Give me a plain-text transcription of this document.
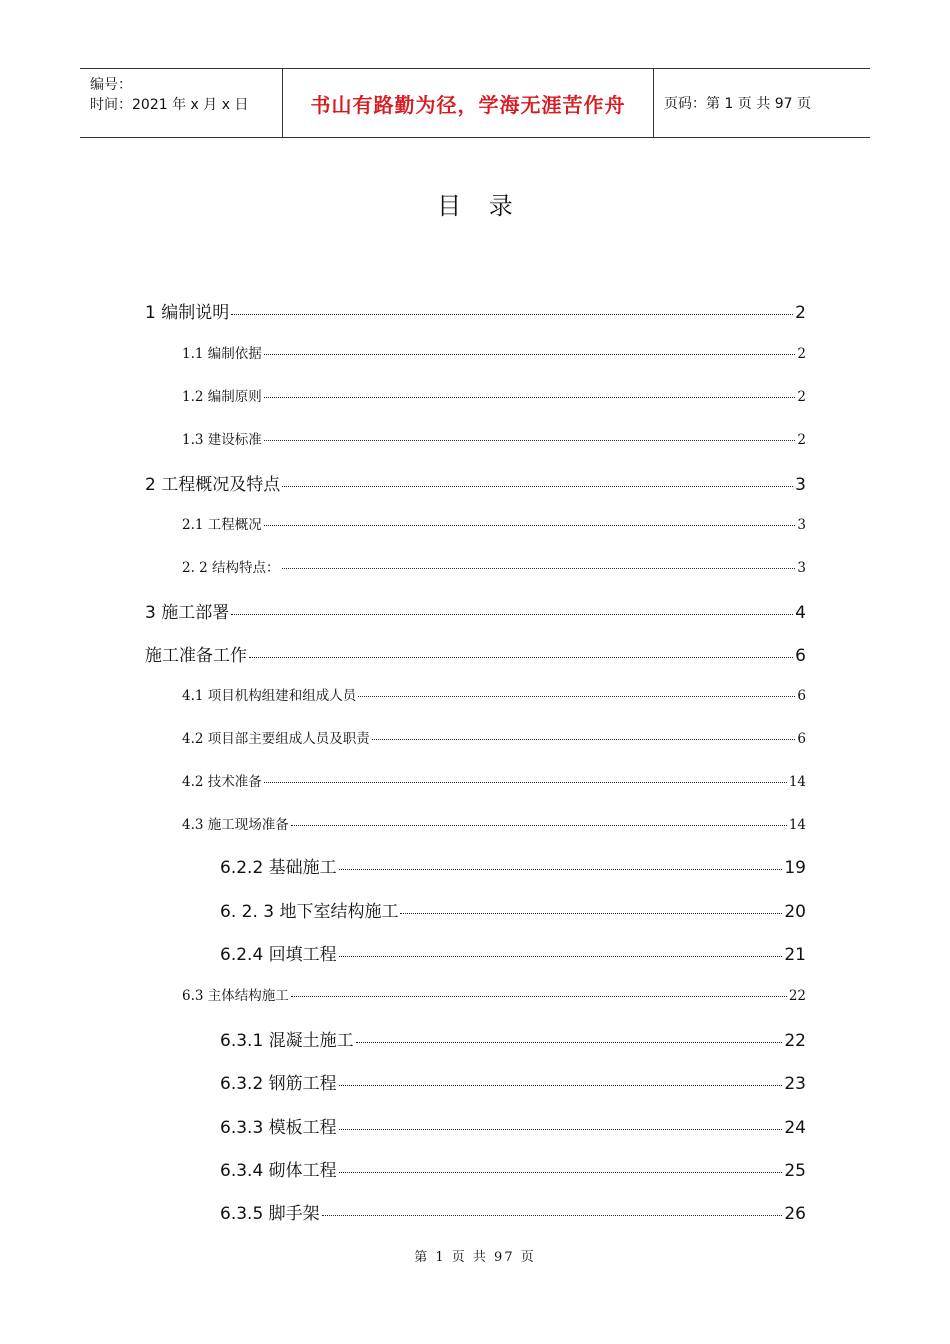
编号：
时间：2021 年 x 月 x 日	书山有路勤为径，学海无涯苦作舟	页码：第 1 页 共 97 页
目 录
1 编制说明	2
1.1 编制依据	2
1.2 编制原则	2
1.3 建设标准	2
2 工程概况及特点	3
2.1 工程概况	3
2. 2 结构特点：	3
3 施工部署	4
施工准备工作	6
4.1 项目机构组建和组成人员	6
4.2 项目部主要组成人员及职责	6
4.2 技术准备	14
4.3 施工现场准备	14
6.2.2 基础施工	19
6. 2. 3 地下室结构施工	20
6.2.4 回填工程	21
6.3 主体结构施工	22
6.3.1 混凝土施工	22
6.3.2 钢筋工程	23
6.3.3 模板工程	24
6.3.4 砌体工程	25
6.3.5 脚手架	26
第 1 页 共 97 页
